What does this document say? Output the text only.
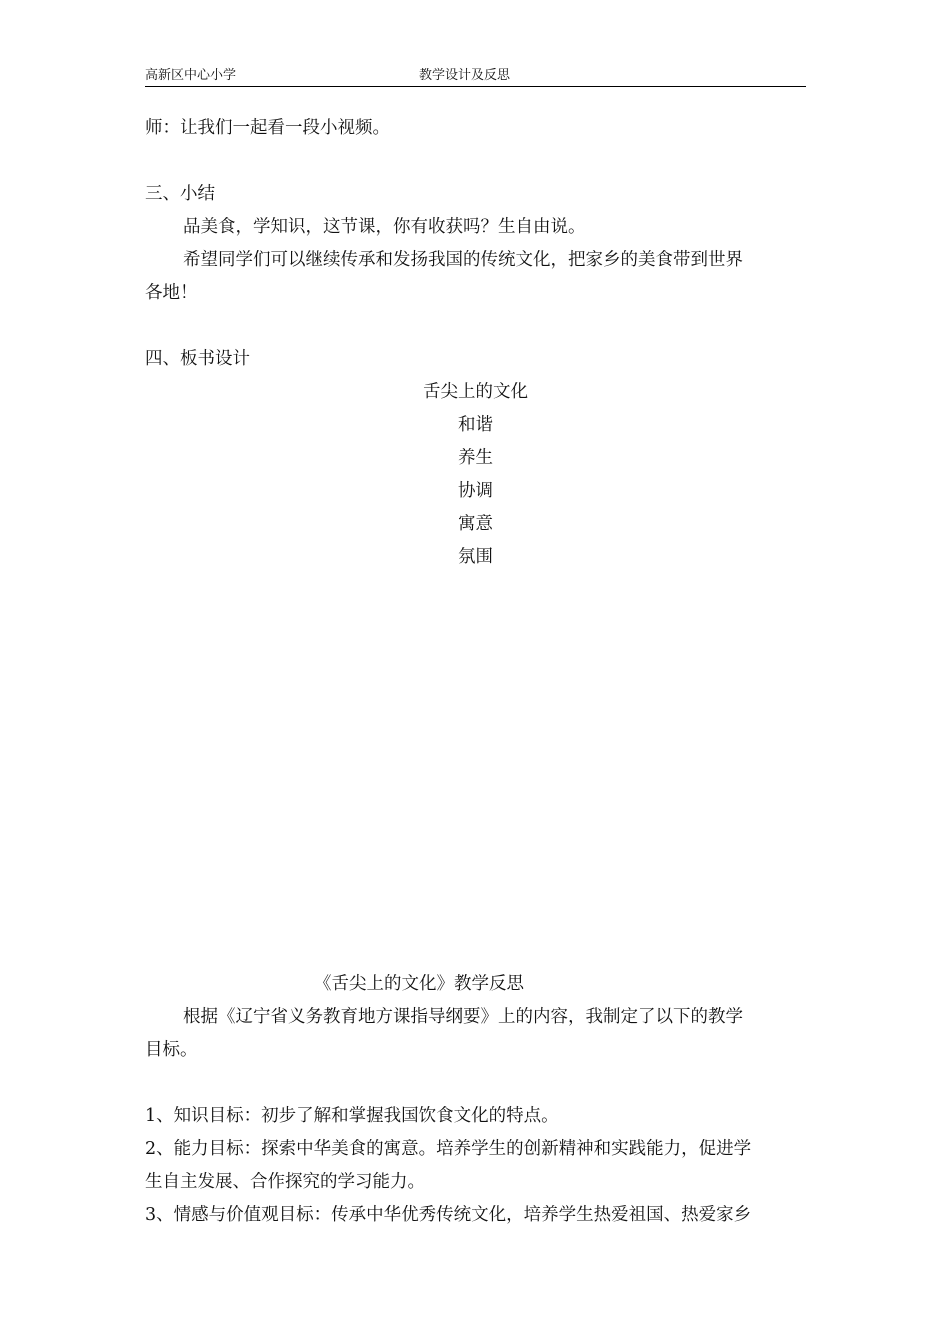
高新区中心小学	教学设计及反思
师：让我们一起看一段小视频。
三、小结
品美食，学知识，这节课，你有收获吗？生自由说。
希望同学们可以继续传承和发扬我国的传统文化，把家乡的美食带到世界
各地！
四、板书设计
舌尖上的文化
和谐
养生
协调
寓意
氛围
《舌尖上的文化》教学反思
根据《辽宁省义务教育地方课指导纲要》上的内容，我制定了以下的教学
目标。
1、知识目标：初步了解和掌握我国饮食文化的特点。
2、能力目标：探索中华美食的寓意。培养学生的创新精神和实践能力，促进学
生自主发展、合作探究的学习能力。
3、情感与价值观目标：传承中华优秀传统文化，培养学生热爱祖国、热爱家乡
